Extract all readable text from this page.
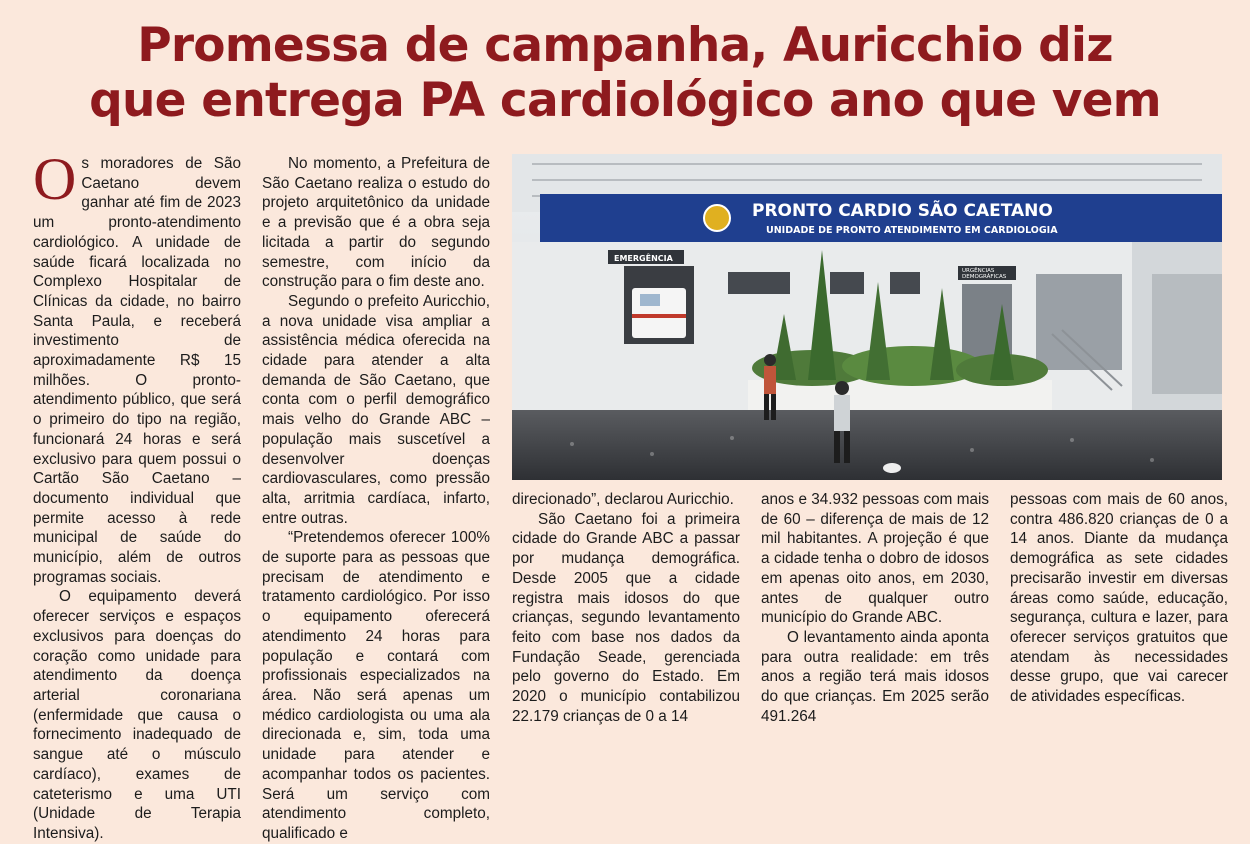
Promessa de campanha, Auricchio diz
que entrega PA cardiológico ano que vem

Os moradores de São Caetano devem ganhar até fim de 2023 um pronto-atendimento cardiológico. A unidade de saúde ficará localizada no Complexo Hospitalar de Clínicas da cidade, no bairro Santa Paula, e receberá investimento de aproximadamente R$ 15 milhões. O pronto-atendimento público, que será o primeiro do tipo na região, funcionará 24 horas e será exclusivo para quem possui o Cartão São Caetano – documento individual que permite acesso à rede municipal de saúde do município, além de outros programas sociais.

O equipamento deverá oferecer serviços e espaços exclusivos para doenças do coração como unidade para atendimento da doença arterial coronariana (enfermidade que causa o fornecimento inadequado de sangue até o músculo cardíaco), exames de cateterismo e uma UTI (Unidade de Terapia Intensiva).

No momento, a Prefeitura de São Caetano realiza o estudo do projeto arquitetônico da unidade e a previsão que é a obra seja licitada a partir do segundo semestre, com início da construção para o fim deste ano.

Segundo o prefeito Auricchio, a nova unidade visa ampliar a assistência médica oferecida na cidade para atender a alta demanda de São Caetano, que conta com o perfil demográfico mais velho do Grande ABC – população mais suscetível a desenvolver doenças cardiovasculares, como pressão alta, arritmia cardíaca, infarto, entre outras.

“Pretendemos oferecer 100% de suporte para as pessoas que precisam de atendimento e tratamento cardiológico. Por isso o equipamento oferecerá atendimento 24 horas para população e contará com profissionais especializados na área. Não será apenas um médico cardiologista ou uma ala direcionada e, sim, toda uma unidade para atender e acompanhar todos os pacientes. Será um serviço com atendimento completo, qualificado e

PRONTO CARDIO SÃO CAETANO
UNIDADE DE PRONTO ATENDIMENTO EM CARDIOLOGIA
EMERGÊNCIA
URGÊNCIAS
DEMOGRÁFICAS

direcionado”, declarou Auricchio.

São Caetano foi a primeira cidade do Grande ABC a passar por mudança demográfica. Desde 2005 que a cidade registra mais idosos do que crianças, segundo levantamento feito com base nos dados da Fundação Seade, gerenciada pelo governo do Estado. Em 2020 o município contabilizou 22.179 crianças de 0 a 14

anos e 34.932 pessoas com mais de 60 – diferença de mais de 12 mil habitantes. A projeção é que a cidade tenha o dobro de idosos em apenas oito anos, em 2030, antes de qualquer outro município do Grande ABC.

O levantamento ainda aponta para outra realidade: em três anos a região terá mais idosos do que crianças. Em 2025 serão 491.264

pessoas com mais de 60 anos, contra 486.820 crianças de 0 a 14 anos. Diante da mudança demográfica as sete cidades precisarão investir em diversas áreas como saúde, educação, segurança, cultura e lazer, para oferecer serviços gratuitos que atendam às necessidades desse grupo, que vai carecer de atividades específicas.
